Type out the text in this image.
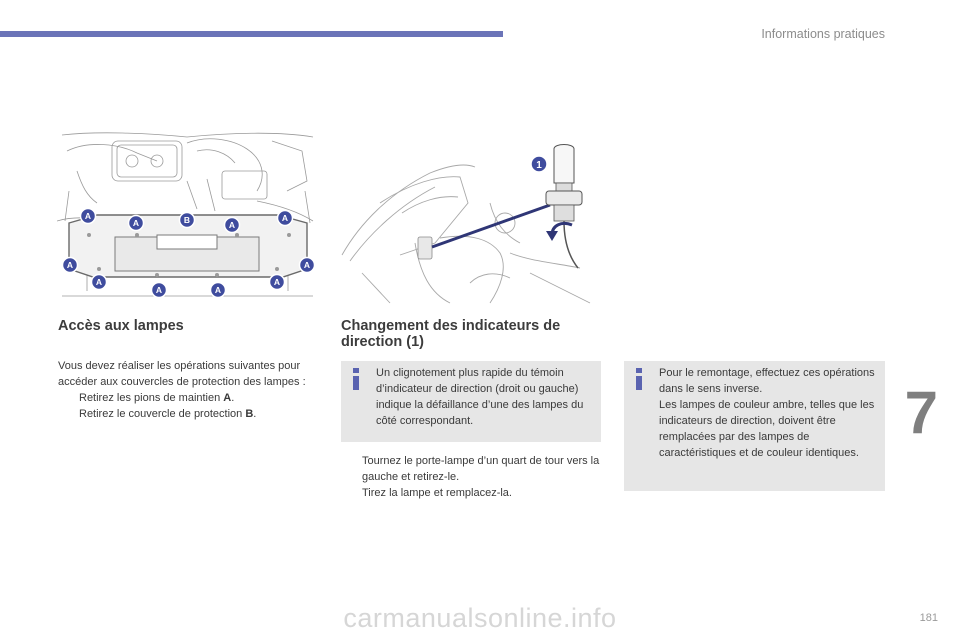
Informations pratiques
A
A	B	A
A
A
A
A	A
A
A
1
Accès aux lampes	Changement des indicateurs de direction (1)
Vous devez réaliser les opérations suivantes pour accéder aux couvercles de protection des lampes :
Retirez les pions de maintien A.
Retirez le couvercle de protection B.
Un clignotement plus rapide du témoin d’indicateur de direction (droit ou gauche) indique la défaillance d’une des lampes du côté correspondant.
Tournez le porte-lampe d’un quart de tour vers la gauche et retirez-le.
Tirez la lampe et remplacez-la.
Pour le remontage, effectuez ces opérations dans le sens inverse.
Les lampes de couleur ambre, telles que les indicateurs de direction, doivent être remplacées par des lampes de caractéristiques et de couleur identiques.
7
carmanualsonline.info	181
